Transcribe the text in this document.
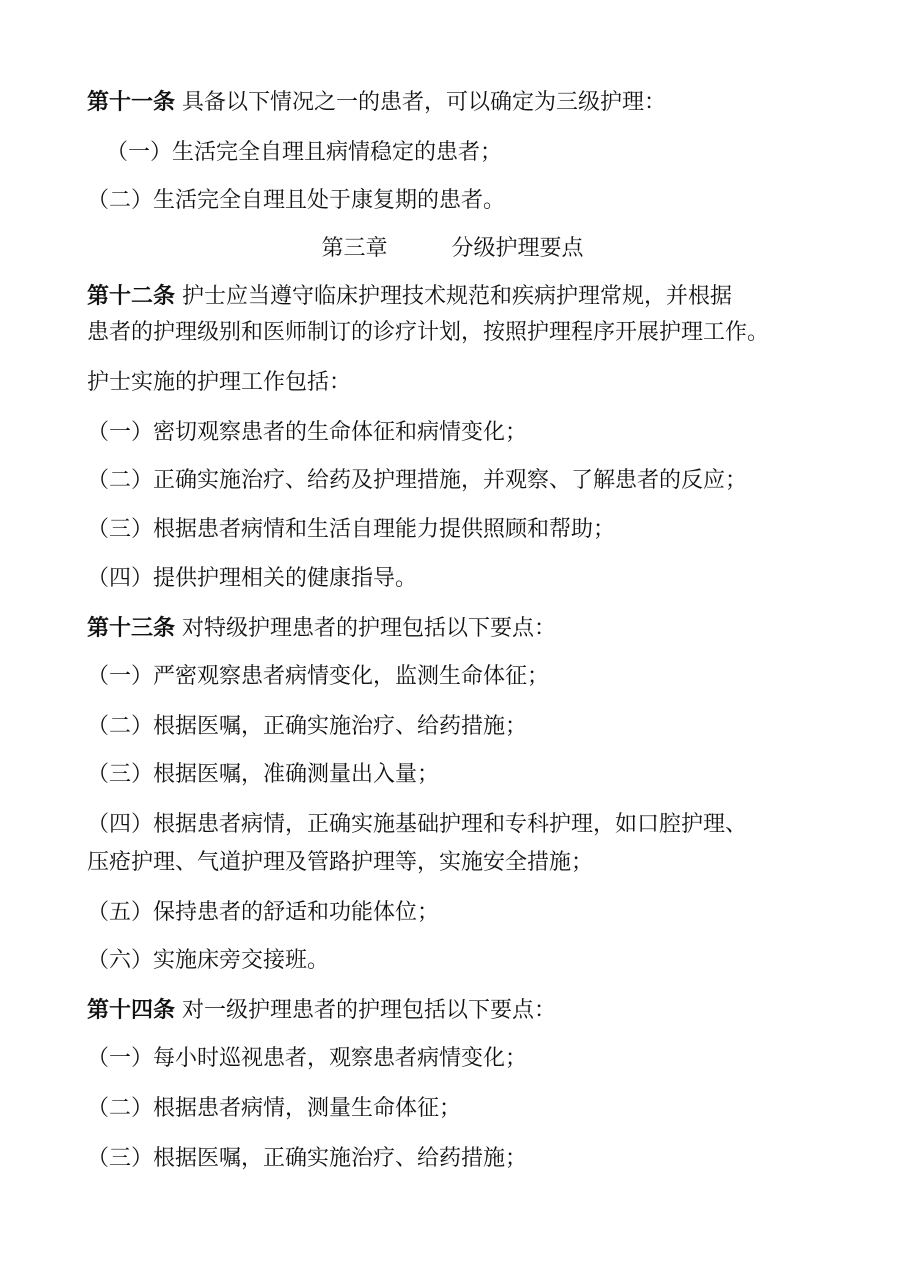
第十一条 具备以下情况之一的患者，可以确定为三级护理：
（一）生活完全自理且病情稳定的患者；
（二）生活完全自理且处于康复期的患者。
第三章	分级护理要点
第十二条 护士应当遵守临床护理技术规范和疾病护理常规，并根据
患者的护理级别和医师制订的诊疗计划，按照护理程序开展护理工作。
护士实施的护理工作包括：
（一）密切观察患者的生命体征和病情变化；
（二）正确实施治疗、给药及护理措施，并观察、了解患者的反应；
（三）根据患者病情和生活自理能力提供照顾和帮助；
（四）提供护理相关的健康指导。
第十三条 对特级护理患者的护理包括以下要点：
（一）严密观察患者病情变化，监测生命体征；
（二）根据医嘱，正确实施治疗、给药措施；
（三）根据医嘱，准确测量出入量；
（四）根据患者病情，正确实施基础护理和专科护理，如口腔护理、
压疮护理、气道护理及管路护理等，实施安全措施；
（五）保持患者的舒适和功能体位；
（六）实施床旁交接班。
第十四条 对一级护理患者的护理包括以下要点：
（一）每小时巡视患者，观察患者病情变化；
（二）根据患者病情，测量生命体征；
（三）根据医嘱，正确实施治疗、给药措施；
